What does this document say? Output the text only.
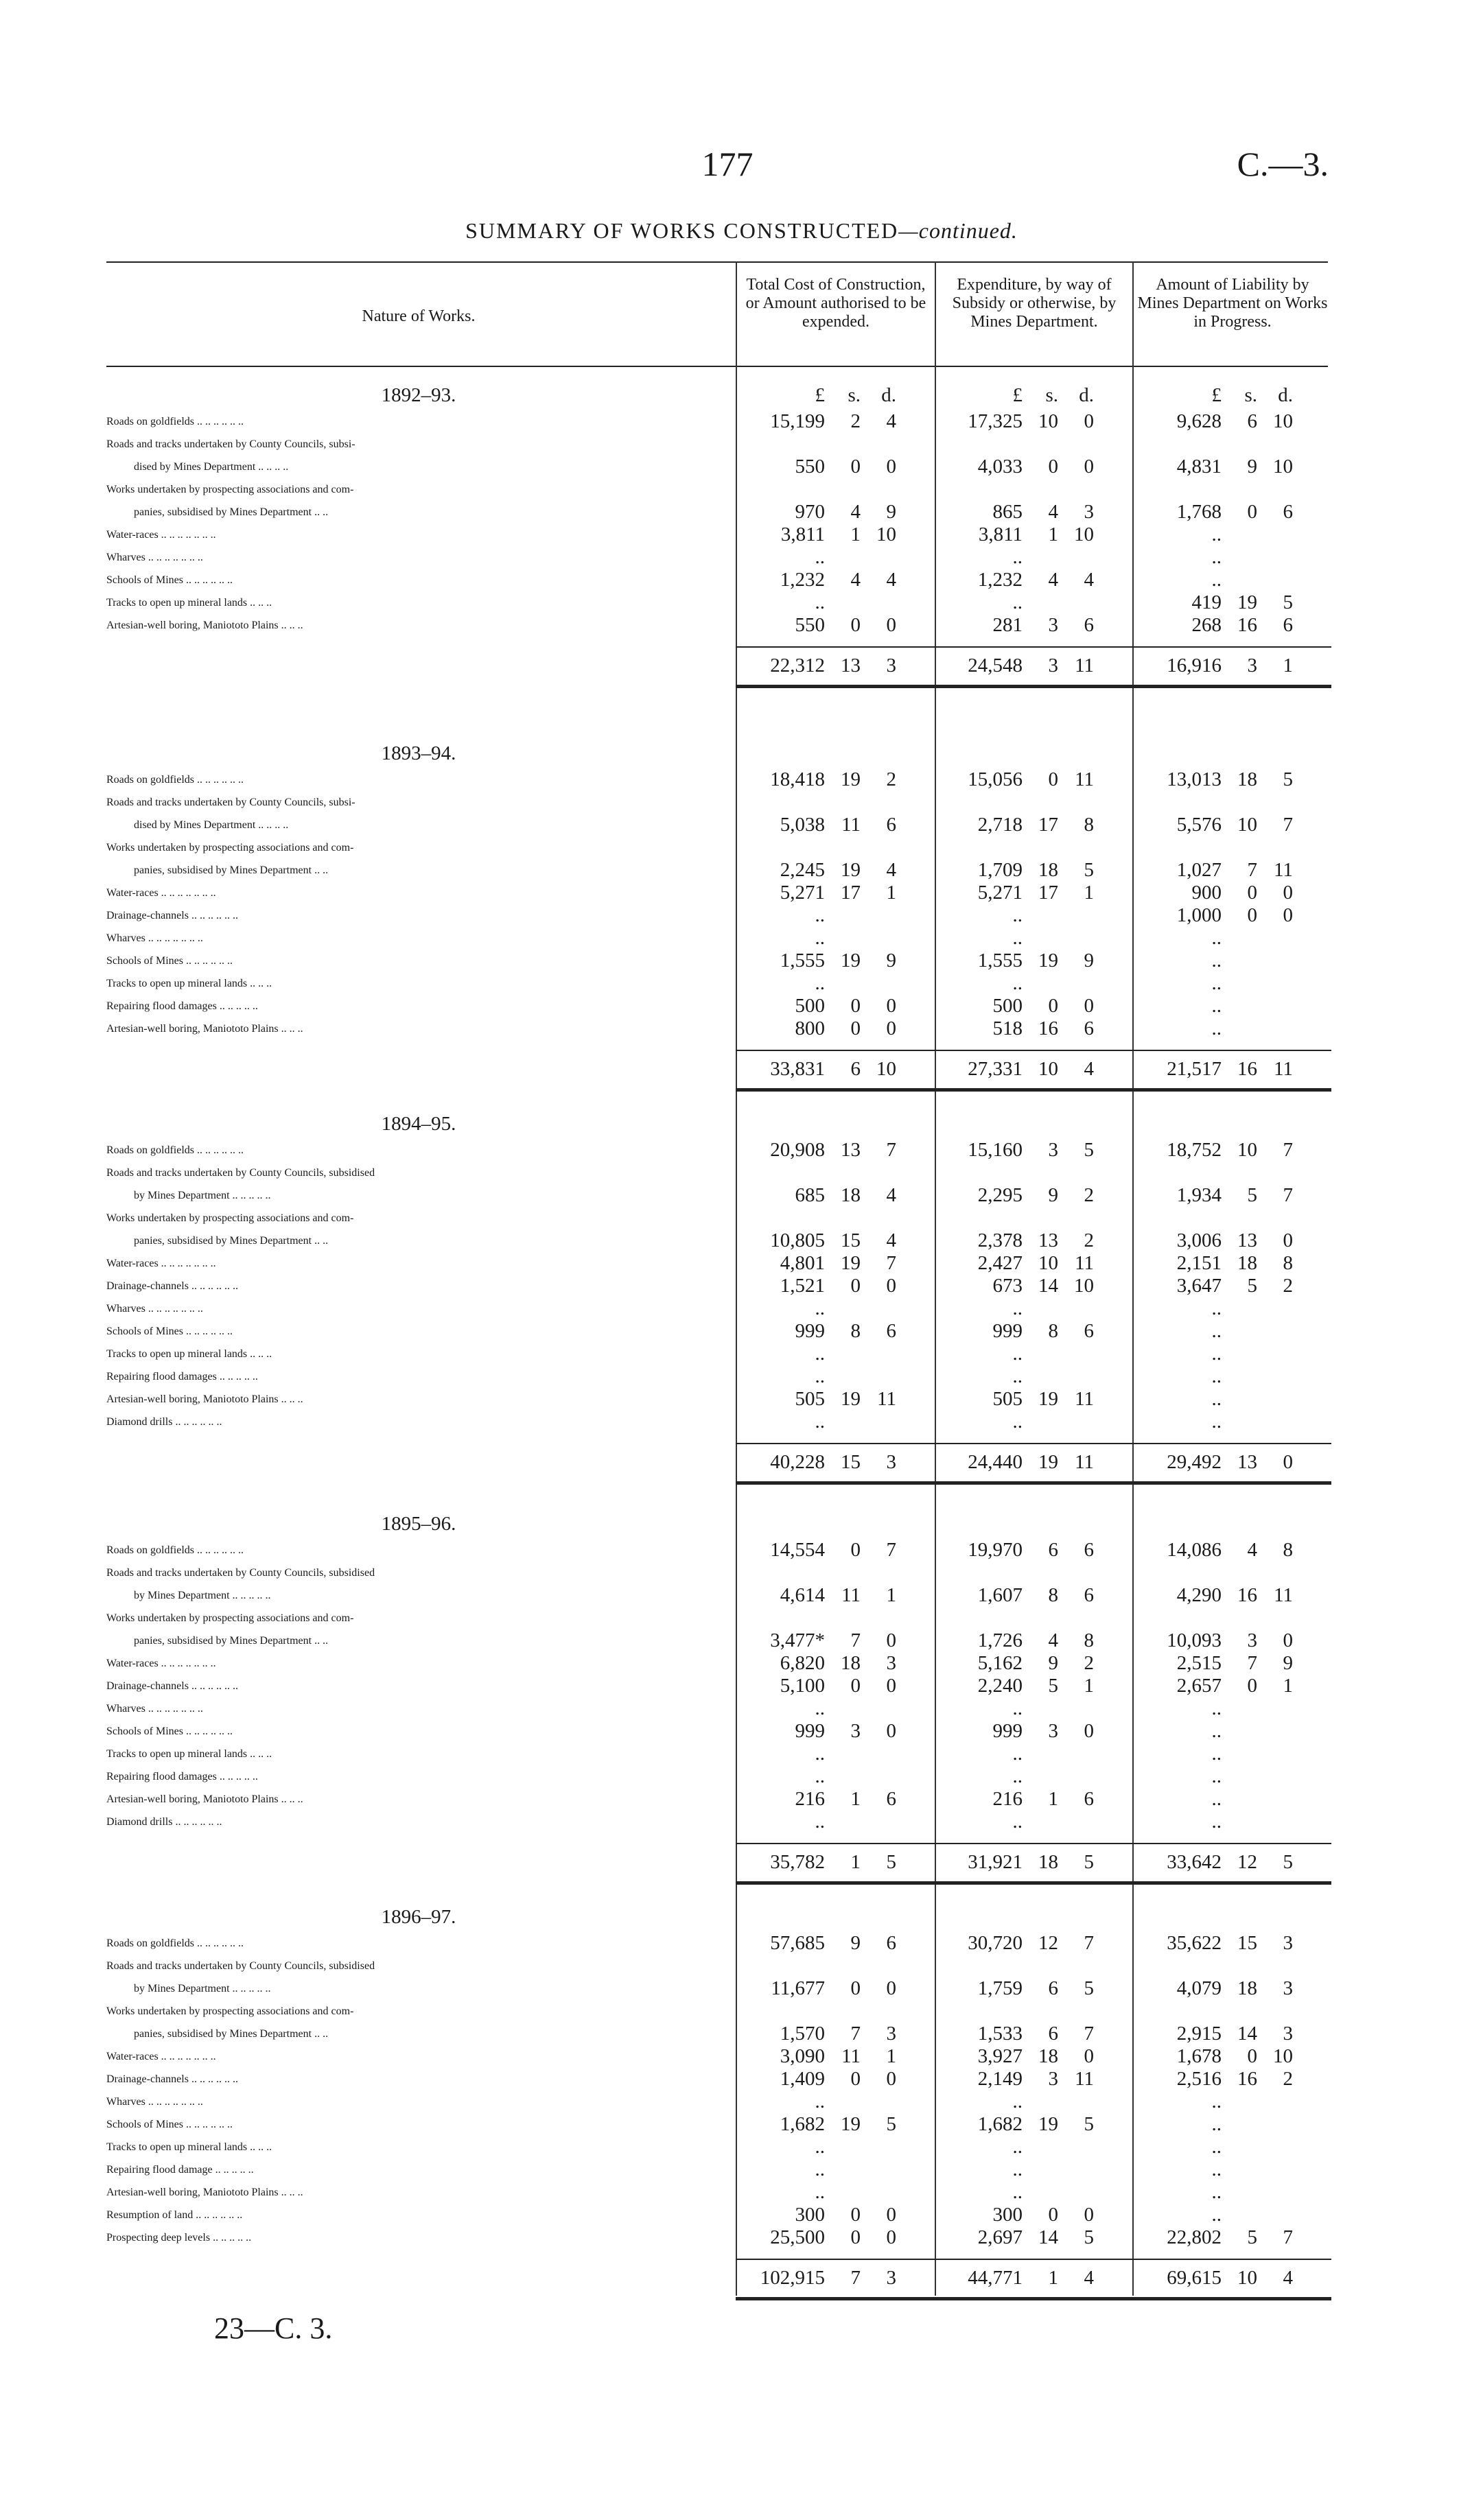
177	C.—3.
SUMMARY OF WORKS CONSTRUCTED—continued.
Nature of Works.
Total Cost of Construction, or Amount authorised to be expended.
Expenditure, by way of Subsidy or otherwise, by Mines Department.
Amount of Liability by Mines Department on Works in Progress.
£ s. d.	£ s. d.	£ s. d.
1892–93.
Roads on goldfields .. .. .. .. .. ..	15,199 2 4	17,325 10 0	9,628 6 10
Roads and tracks undertaken by County Councils, subsi-
dised by Mines Department .. .. .. ..	550 0 0	4,033 0 0	4,831 9 10
Works undertaken by prospecting associations and com-
panies, subsidised by Mines Department .. ..	970 4 9	865 4 3	1,768 0 6
Water-races .. .. .. .. .. .. ..	3,811 1 10	3,811 1 10	..
Wharves .. .. .. .. .. .. ..	..	..	..
Schools of Mines .. .. .. .. .. ..	1,232 4 4	1,232 4 4	..
Tracks to open up mineral lands .. .. ..	..	..	419 19 5
Artesian-well boring, Maniototo Plains .. .. ..	550 0 0	281 3 6	268 16 6
22,312 13 3	24,548 3 11	16,916 3 1
1893–94.
Roads on goldfields .. .. .. .. .. ..	18,418 19 2	15,056 0 11	13,013 18 5
Roads and tracks undertaken by County Councils, subsi-
dised by Mines Department .. .. .. ..	5,038 11 6	2,718 17 8	5,576 10 7
Works undertaken by prospecting associations and com-
panies, subsidised by Mines Department .. ..	2,245 19 4	1,709 18 5	1,027 7 11
Water-races .. .. .. .. .. .. ..	5,271 17 1	5,271 17 1	900 0 0
Drainage-channels .. .. .. .. .. ..	..	..	1,000 0 0
Wharves .. .. .. .. .. .. ..	..	..	..
Schools of Mines .. .. .. .. .. ..	1,555 19 9	1,555 19 9	..
Tracks to open up mineral lands .. .. ..	..	..	..
Repairing flood damages .. .. .. .. ..	500 0 0	500 0 0	..
Artesian-well boring, Maniototo Plains .. .. ..	800 0 0	518 16 6	..
33,831 6 10	27,331 10 4	21,517 16 11
1894–95.
Roads on goldfields .. .. .. .. .. ..	20,908 13 7	15,160 3 5	18,752 10 7
Roads and tracks undertaken by County Councils, subsidised
by Mines Department .. .. .. .. ..	685 18 4	2,295 9 2	1,934 5 7
Works undertaken by prospecting associations and com-
panies, subsidised by Mines Department .. ..	10,805 15 4	2,378 13 2	3,006 13 0
Water-races .. .. .. .. .. .. ..	4,801 19 7	2,427 10 11	2,151 18 8
Drainage-channels .. .. .. .. .. ..	1,521 0 0	673 14 10	3,647 5 2
Wharves .. .. .. .. .. .. ..	..	..	..
Schools of Mines .. .. .. .. .. ..	999 8 6	999 8 6	..
Tracks to open up mineral lands .. .. ..	..	..	..
Repairing flood damages .. .. .. .. ..	..	..	..
Artesian-well boring, Maniototo Plains .. .. ..	505 19 11	505 19 11	..
Diamond drills .. .. .. .. .. ..	..	..	..
40,228 15 3	24,440 19 11	29,492 13 0
1895–96.
Roads on goldfields .. .. .. .. .. ..	14,554 0 7	19,970 6 6	14,086 4 8
Roads and tracks undertaken by County Councils, subsidised
by Mines Department .. .. .. .. ..	4,614 11 1	1,607 8 6	4,290 16 11
Works undertaken by prospecting associations and com-
panies, subsidised by Mines Department .. ..	3,477* 7 0	1,726 4 8	10,093 3 0
Water-races .. .. .. .. .. .. ..	6,820 18 3	5,162 9 2	2,515 7 9
Drainage-channels .. .. .. .. .. ..	5,100 0 0	2,240 5 1	2,657 0 1
Wharves .. .. .. .. .. .. ..	..	..	..
Schools of Mines .. .. .. .. .. ..	999 3 0	999 3 0	..
Tracks to open up mineral lands .. .. ..	..	..	..
Repairing flood damages .. .. .. .. ..	..	..	..
Artesian-well boring, Maniototo Plains .. .. ..	216 1 6	216 1 6	..
Diamond drills .. .. .. .. .. ..	..	..	..
35,782 1 5	31,921 18 5	33,642 12 5
1896–97.
Roads on goldfields .. .. .. .. .. ..	57,685 9 6	30,720 12 7	35,622 15 3
Roads and tracks undertaken by County Councils, subsidised
by Mines Department .. .. .. .. ..	11,677 0 0	1,759 6 5	4,079 18 3
Works undertaken by prospecting associations and com-
panies, subsidised by Mines Department .. ..	1,570 7 3	1,533 6 7	2,915 14 3
Water-races .. .. .. .. .. .. ..	3,090 11 1	3,927 18 0	1,678 0 10
Drainage-channels .. .. .. .. .. ..	1,409 0 0	2,149 3 11	2,516 16 2
Wharves .. .. .. .. .. .. ..	..	..	..
Schools of Mines .. .. .. .. .. ..	1,682 19 5	1,682 19 5	..
Tracks to open up mineral lands .. .. ..	..	..	..
Repairing flood damage .. .. .. .. ..	..	..	..
Artesian-well boring, Maniototo Plains .. .. ..	..	..	..
Resumption of land .. .. .. .. .. ..	300 0 0	300 0 0	..
Prospecting deep levels .. .. .. .. ..	25,500 0 0	2,697 14 5	22,802 5 7
102,915 7 3	44,771 1 4	69,615 10 4
23—C. 3.
